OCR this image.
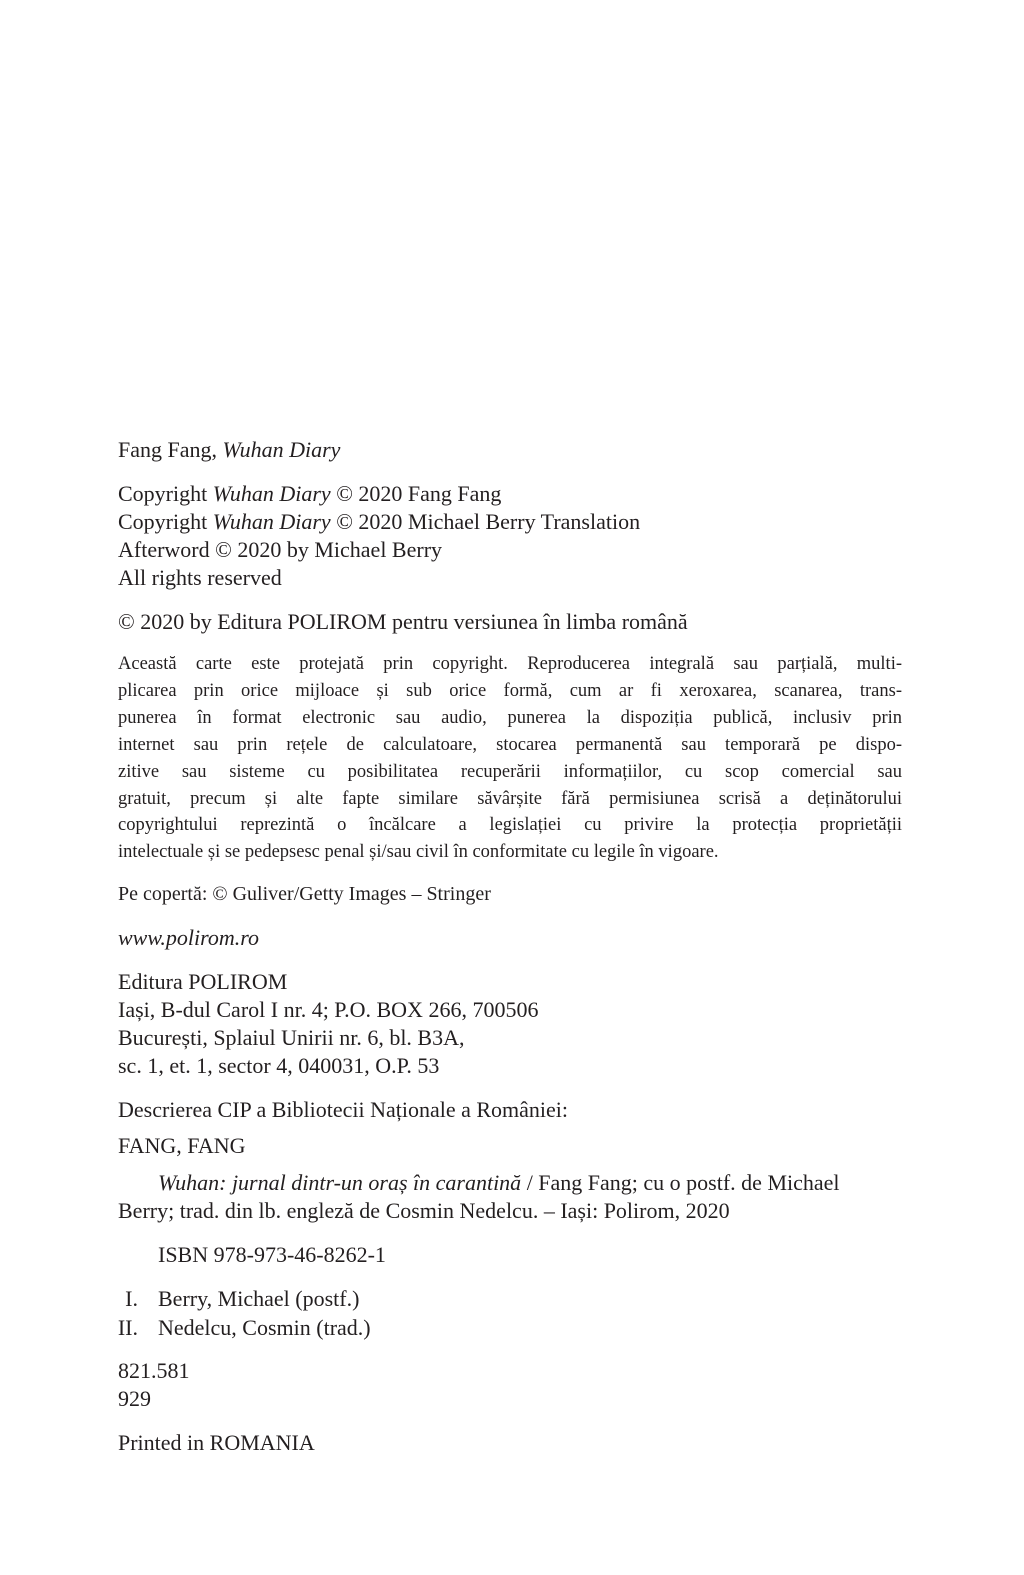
Fang Fang, Wuhan Diary
Copyright Wuhan Diary © 2020 Fang Fang
Copyright Wuhan Diary © 2020 Michael Berry Translation
Afterword © 2020 by Michael Berry
All rights reserved
© 2020 by Editura POLIROM pentru versiunea în limba română
Această carte este protejată prin copyright. Reproducerea integrală sau parțială, multi-
plicarea prin orice mijloace și sub orice formă, cum ar fi xeroxarea, scanarea, trans-
punerea în format electronic sau audio, punerea la dispoziția publică, inclusiv prin
internet sau prin rețele de calculatoare, stocarea permanentă sau temporară pe dispo-
zitive sau sisteme cu posibilitatea recuperării informațiilor, cu scop comercial sau
gratuit, precum și alte fapte similare săvârșite fără permisiunea scrisă a deținătorului
copyrightului reprezintă o încălcare a legislației cu privire la protecția proprietății
intelectuale și se pedepsesc penal și/sau civil în conformitate cu legile în vigoare.
Pe copertă: © Guliver/Getty Images – Stringer
www.polirom.ro
Editura POLIROM
Iași, B-dul Carol I nr. 4; P.O. BOX 266, 700506
București, Splaiul Unirii nr. 6, bl. B3A,
sc. 1, et. 1, sector 4, 040031, O.P. 53
Descrierea CIP a Bibliotecii Naționale a României:
FANG, FANG
Wuhan: jurnal dintr-un oraș în carantină / Fang Fang; cu o postf. de Michael
Berry; trad. din lb. engleză de Cosmin Nedelcu. – Iași: Polirom, 2020
ISBN 978-973-46-8262-1
I. Berry, Michael (postf.)
II. Nedelcu, Cosmin (trad.)
821.581
929
Printed in ROMANIA
